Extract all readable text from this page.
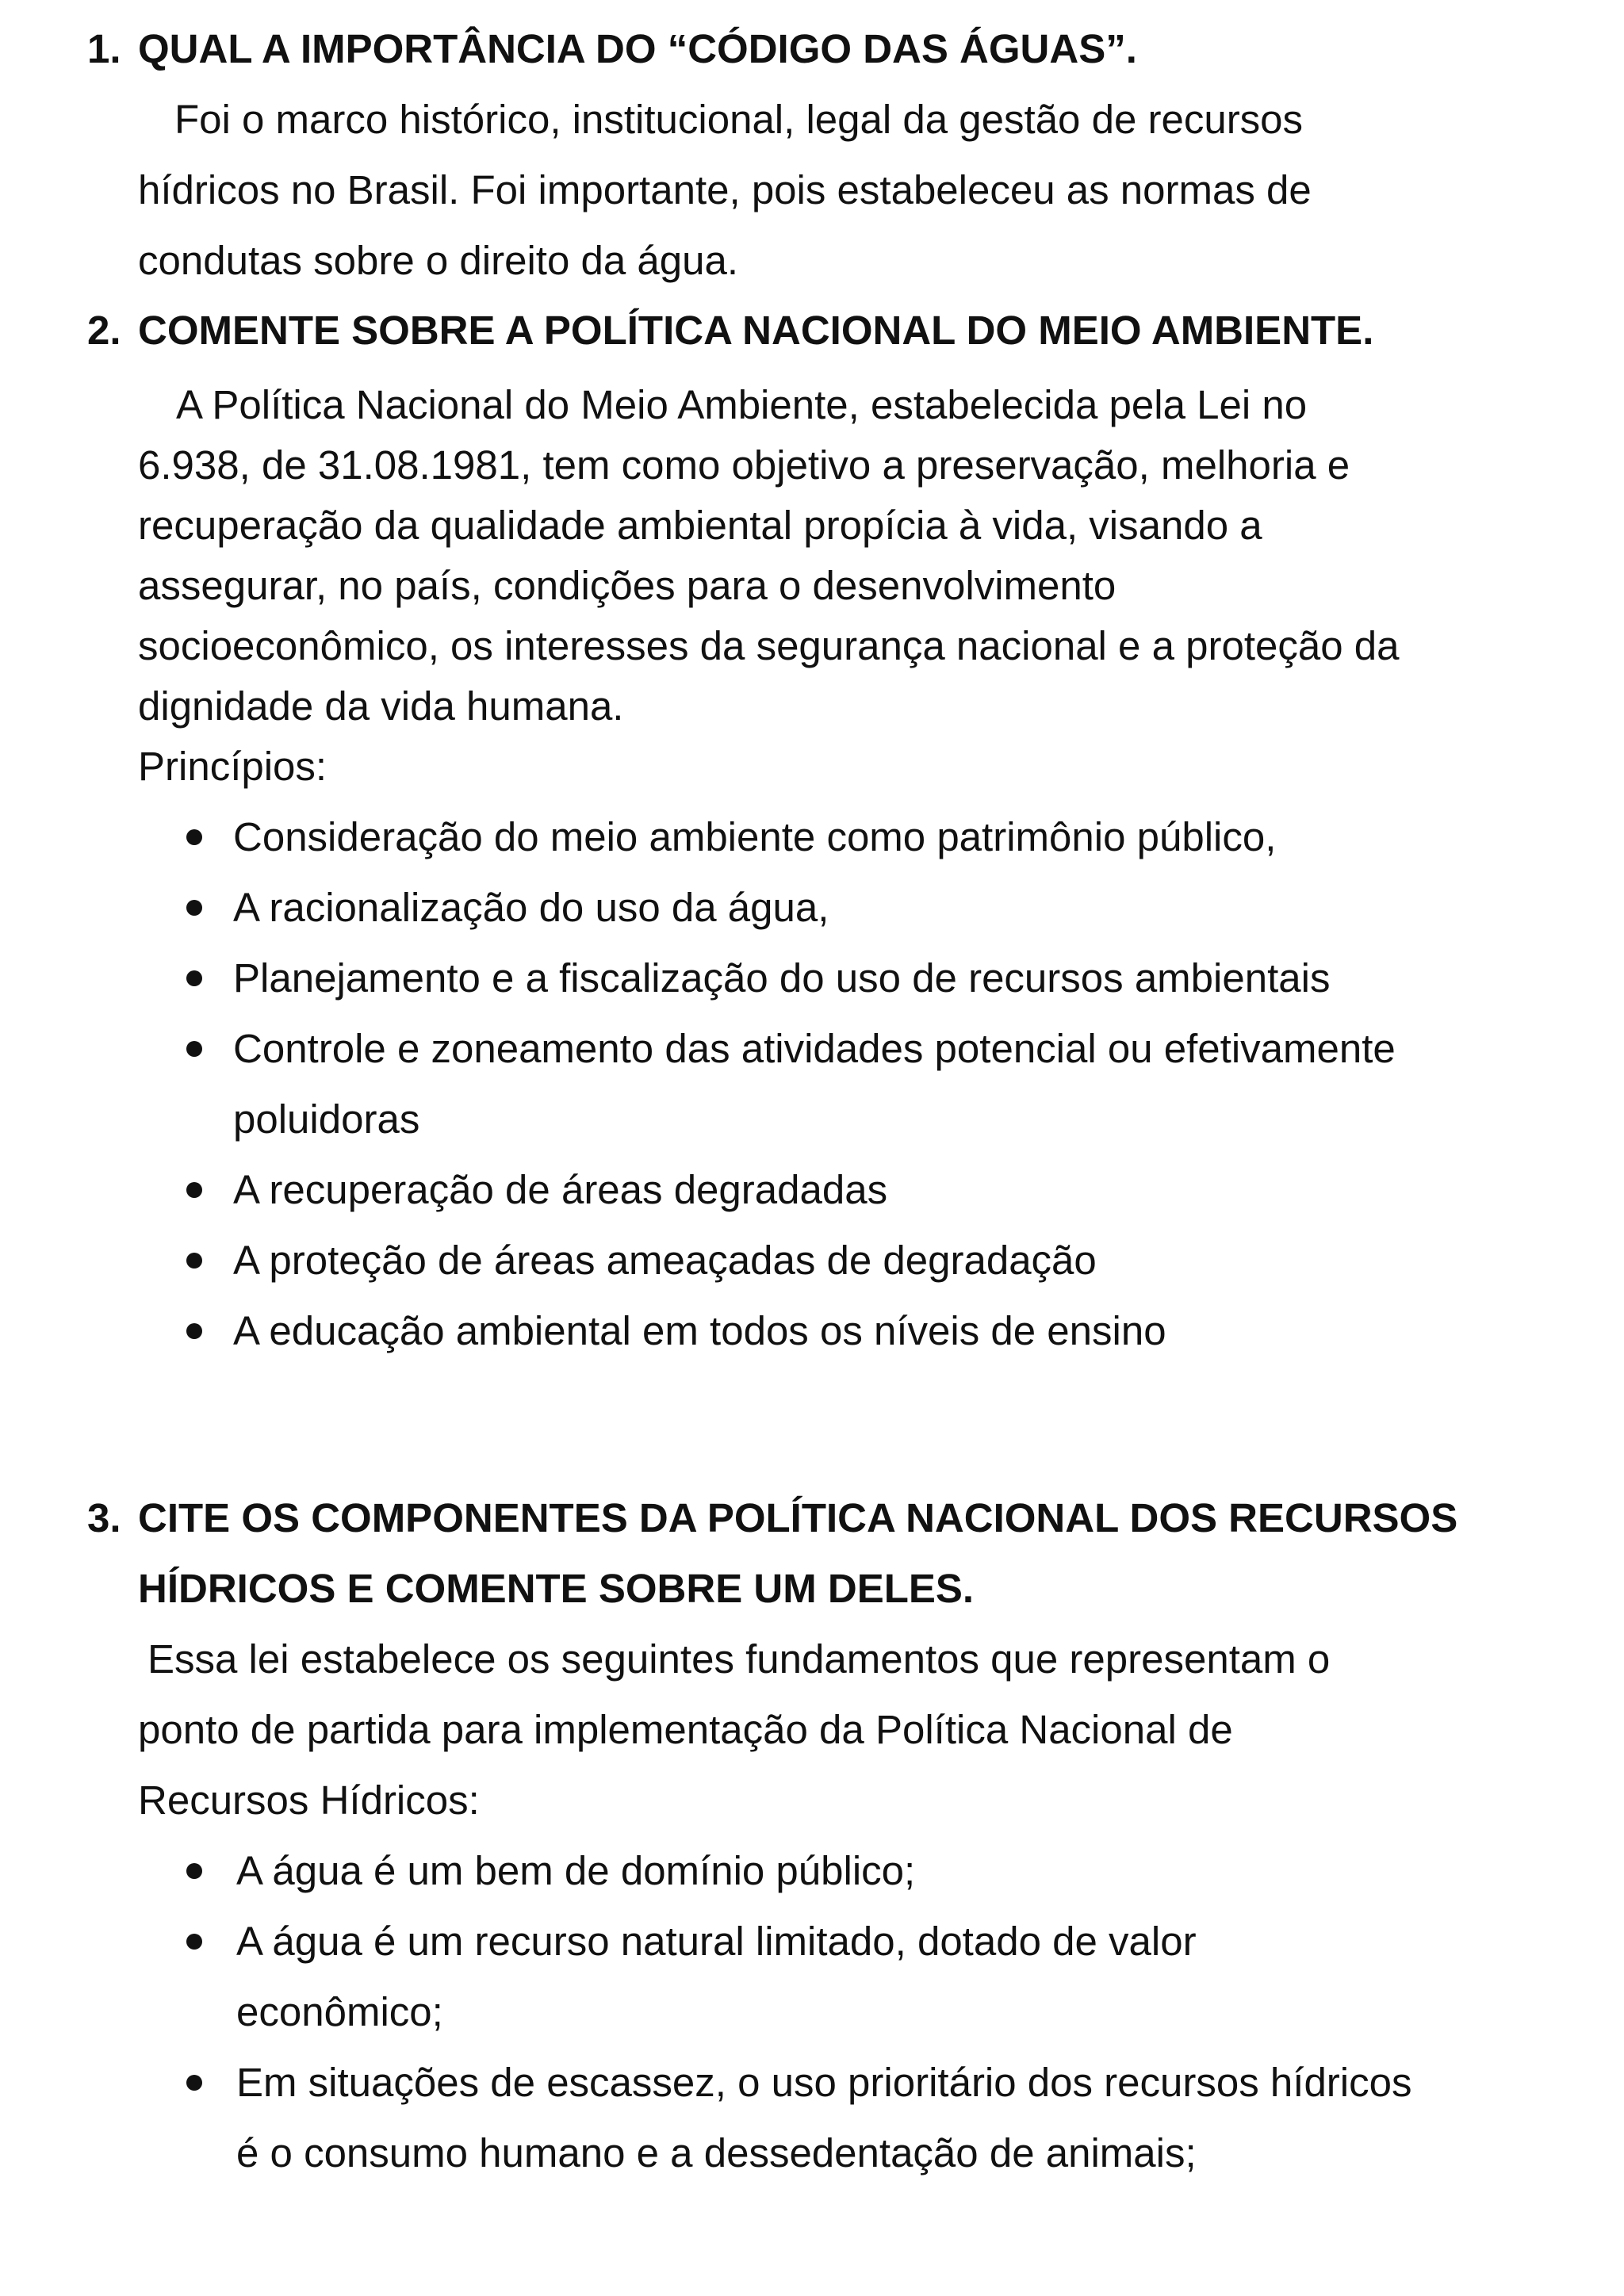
1. QUAL A IMPORTÂNCIA DO “CÓDIGO DAS ÁGUAS”.

Foi o marco histórico, institucional, legal da gestão de recursos
hídricos no Brasil. Foi importante, pois estabeleceu as normas de
condutas sobre o direito da água.

2. COMENTE SOBRE A POLÍTICA NACIONAL DO MEIO AMBIENTE.

A Política Nacional do Meio Ambiente, estabelecida pela Lei no
6.938, de 31.08.1981, tem como objetivo a preservação, melhoria e
recuperação da qualidade ambiental propícia à vida, visando a
assegurar, no país, condições para o desenvolvimento
socioeconômico, os interesses da segurança nacional e a proteção da
dignidade da vida humana.
Princípios:

Consideração do meio ambiente como patrimônio público,
A racionalização do uso da água,
Planejamento e a fiscalização do uso de recursos ambientais
Controle e zoneamento das atividades potencial ou efetivamente
poluidoras
A recuperação de áreas degradadas
A proteção de áreas ameaçadas de degradação
A educação ambiental em todos os níveis de ensino
3. CITE OS COMPONENTES DA POLÍTICA NACIONAL DOS RECURSOS
HÍDRICOS E COMENTE SOBRE UM DELES.

Essa lei estabelece os seguintes fundamentos que representam o
ponto de partida para implementação da Política Nacional de
Recursos Hídricos:

A água é um bem de domínio público;
A água é um recurso natural limitado, dotado de valor
econômico;
Em situações de escassez, o uso prioritário dos recursos hídricos
é o consumo humano e a dessedentação de animais;
